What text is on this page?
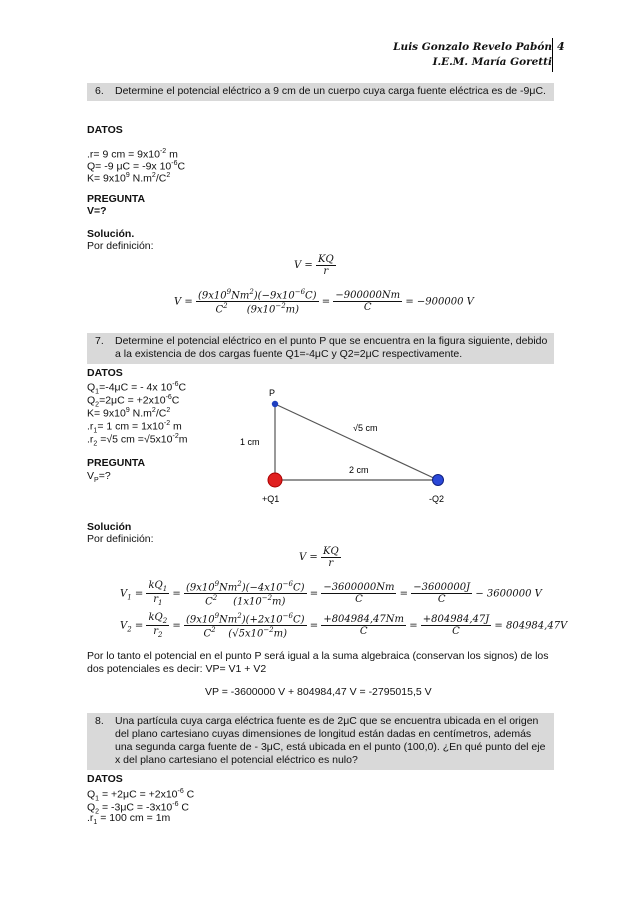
Luis Gonzalo Revelo Pabón
I.E.M. María Goretti
4
6. Determine el potencial eléctrico a 9 cm de un cuerpo cuya carga fuente eléctrica es de -9μC.
DATOS
.r= 9 cm = $9x10^{-2}$ m
Q= -9 μC = -9x $10^{-6}C$
$K= 9x10^9$ $N.m^2/C^2$
PREGUNTA
V=?
Solución.
Por definición:
$V = \frac{KQ}{r}$
$V = \frac{(9x10^9Nm^2)(-9x10^{-6}C)}{C^2 (9x10^{-2}m)} = \frac{-900000Nm}{C} = -900000$ V
7. Determine el potencial eléctrico en el punto P que se encuentra en la figura siguiente, debido a la existencia de dos cargas fuente Q1=-4μC y Q2=2μC respectivamente.
DATOS
$Q_1=-4\mu C$ = - 4x $10^{-6}C$
$Q_2=2\mu C = +2x10^{-6}C$
$K= 9x10^9$ $N.m^2/C^2$
$.r_1= 1$ cm = $1x10^{-2}$ m
$.r_2 =√5$ cm $=√5x10^{-2}m$
PREGUNTA
$V_P=$?
P
1 cm
√5 cm
2 cm
+Q1	-Q2
Solución
Por definición:
$V = \frac{KQ}{r}$
$V_1 = \frac{kQ_1}{r_1} = \frac{(9x10^9Nm^2)(-4x10^{-6}C)}{C^2 (1x10^{-2}m)} = \frac{-3600000Nm}{C} = \frac{-3600000J}{C} - 3600000$ V
$V_2 = \frac{kQ_2}{r_2} = \frac{(9x10^9Nm^2)(+2x10^{-6}C)}{C^2 (√5x10^{-2}m)} = \frac{+804984,47Nm}{C} = \frac{+804984,47J}{C} = 804984,47V$
Por lo tanto el potencial en el punto P será igual a la suma algebraica (conservan los signos) de los dos potenciales es decir: VP= V1 + V2
VP = -3600000 V + 804984,47 V = -2795015,5 V
8. Una partícula cuya carga eléctrica fuente es de 2μC que se encuentra ubicada en el origen del plano cartesiano cuyas dimensiones de longitud están dadas en centímetros, además una segunda carga fuente de - 3μC, está ubicada en el punto (100,0). ¿En qué punto del eje x del plano cartesiano el potencial eléctrico es nulo?
DATOS
$Q_1 = +2\mu C = +2x10^{-6}$ C
$Q_2 = -3\mu C = -3x10^{-6}$ C
$.r_1 = 100$ cm = 1m
